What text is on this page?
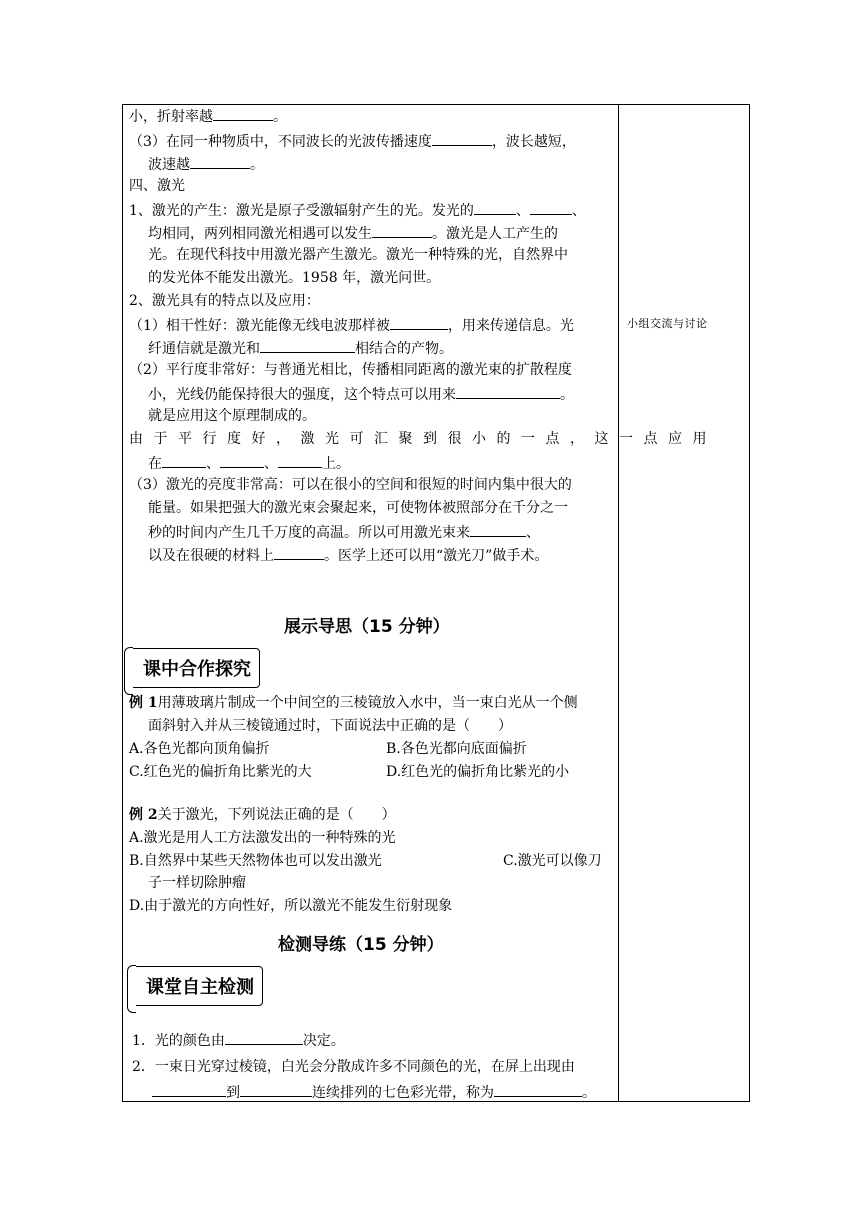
小组交流与讨论
小，折射率越	。
（3）在同一种物质中，不同波长的光波传播速度	，波长越短，
波速越	。
四、激光
1、激光的产生：激光是原子受激辐射产生的光。发光的	、	、
均相同，两列相同激光相遇可以发生	。激光是人工产生的
光。在现代科技中用激光器产生激光。激光一种特殊的光，自然界中
的发光体不能发出激光。1958 年，激光问世。
2、激光具有的特点以及应用：
（1）相干性好：激光能像无线电波那样被	，用来传递信息。光
纤通信就是激光和	相结合的产物。
（2）平行度非常好：与普通光相比，传播相同距离的激光束的扩散程度
小，光线仍能保持很大的强度，这个特点可以用来	。
就是应用这个原理制成的。
由于平行度好，激光可汇聚到很小的一点，这一点应用
在	、	、	上。
（3）激光的亮度非常高：可以在很小的空间和很短的时间内集中很大的
能量。如果把强大的激光束会聚起来，可使物体被照部分在千分之一
秒的时间内产生几千万度的高温。所以可用激光束来	、
以及在很硬的材料上	。医学上还可以用“激光刀”做手术。
展示导思（15 分钟）
课中合作探究
例 1用薄玻璃片制成一个中间空的三棱镜放入水中，当一束白光从一个侧
面斜射入并从三棱镜通过时，下面说法中正确的是（　　）
A.各色光都向顶角偏折	B.各色光都向底面偏折
C.红色光的偏折角比紫光的大	D.红色光的偏折角比紫光的小
例 2关于激光，下列说法正确的是（　　）
A.激光是用人工方法激发出的一种特殊的光
B.自然界中某些天然物体也可以发出激光	C.激光可以像刀
子一样切除肿瘤
D.由于激光的方向性好，所以激光不能发生衍射现象
检测导练（15 分钟）
课堂自主检测
1．光的颜色由	决定。
2．一束日光穿过棱镜，白光会分散成许多不同颜色的光，在屏上出现由
到	连续排列的七色彩光带，称为	。
